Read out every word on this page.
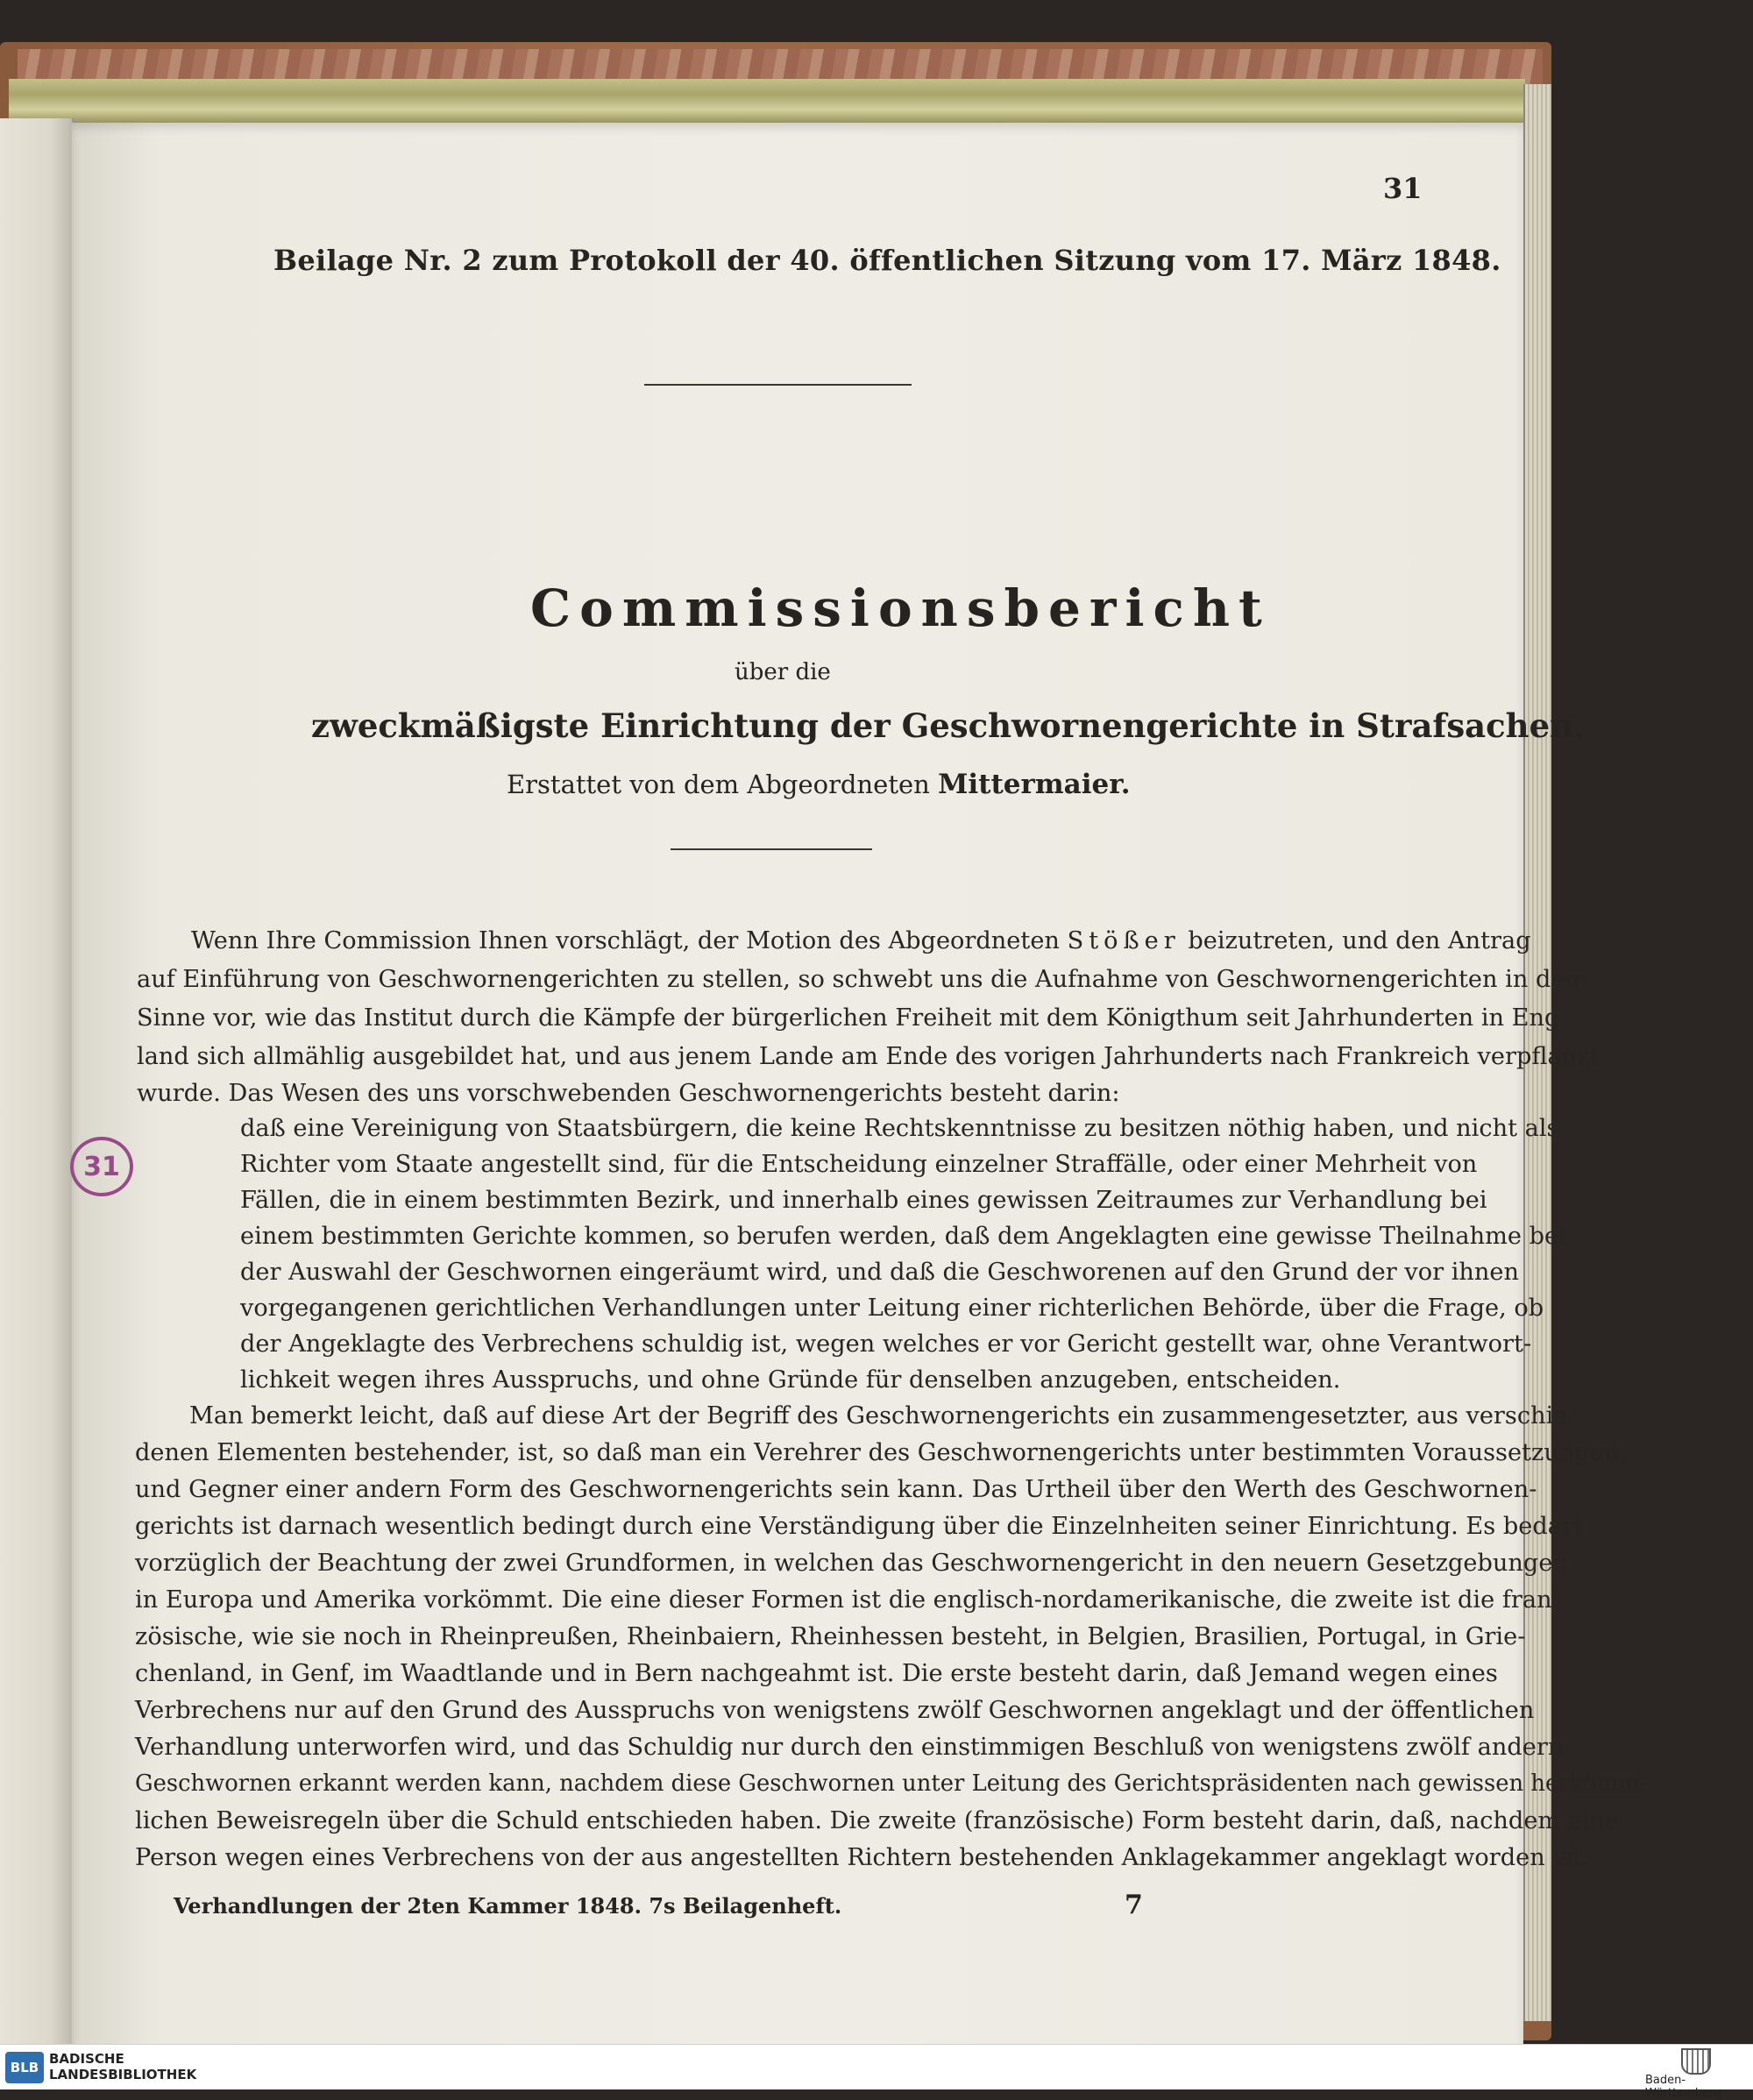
31
Beilage Nr. 2 zum Protokoll der 40. öffentlichen Sitzung vom 17. März 1848.
Commissionsbericht
über die
zweckmäßigste Einrichtung der Geschwornengerichte in Strafsachen.
Erstattet von dem Abgeordneten Mittermaier.
31
Wenn Ihre Commission Ihnen vorschlägt, der Motion des Abgeordneten Stößer beizutreten, und den Antrag
auf Einführung von Geschwornengerichten zu stellen, so schwebt uns die Aufnahme von Geschwornengerichten in dem
Sinne vor, wie das Institut durch die Kämpfe der bürgerlichen Freiheit mit dem Königthum seit Jahrhunderten in Eng-
land sich allmählig ausgebildet hat, und aus jenem Lande am Ende des vorigen Jahrhunderts nach Frankreich verpflanzt
wurde. Das Wesen des uns vorschwebenden Geschwornengerichts besteht darin:
daß eine Vereinigung von Staatsbürgern, die keine Rechtskenntnisse zu besitzen nöthig haben, und nicht als
Richter vom Staate angestellt sind, für die Entscheidung einzelner Straffälle, oder einer Mehrheit von
Fällen, die in einem bestimmten Bezirk, und innerhalb eines gewissen Zeitraumes zur Verhandlung bei
einem bestimmten Gerichte kommen, so berufen werden, daß dem Angeklagten eine gewisse Theilnahme bei
der Auswahl der Geschwornen eingeräumt wird, und daß die Geschworenen auf den Grund der vor ihnen
vorgegangenen gerichtlichen Verhandlungen unter Leitung einer richterlichen Behörde, über die Frage, ob
der Angeklagte des Verbrechens schuldig ist, wegen welches er vor Gericht gestellt war, ohne Verantwort-
lichkeit wegen ihres Ausspruchs, und ohne Gründe für denselben anzugeben, entscheiden.
Man bemerkt leicht, daß auf diese Art der Begriff des Geschwornengerichts ein zusammengesetzter, aus verschie-
denen Elementen bestehender, ist, so daß man ein Verehrer des Geschwornengerichts unter bestimmten Voraussetzungen,
und Gegner einer andern Form des Geschwornengerichts sein kann. Das Urtheil über den Werth des Geschwornen-
gerichts ist darnach wesentlich bedingt durch eine Verständigung über die Einzelnheiten seiner Einrichtung. Es bedarf
vorzüglich der Beachtung der zwei Grundformen, in welchen das Geschwornengericht in den neuern Gesetzgebungen
in Europa und Amerika vorkömmt. Die eine dieser Formen ist die englisch-nordamerikanische, die zweite ist die fran-
zösische, wie sie noch in Rheinpreußen, Rheinbaiern, Rheinhessen besteht, in Belgien, Brasilien, Portugal, in Grie-
chenland, in Genf, im Waadtlande und in Bern nachgeahmt ist. Die erste besteht darin, daß Jemand wegen eines
Verbrechens nur auf den Grund des Ausspruchs von wenigstens zwölf Geschwornen angeklagt und der öffentlichen
Verhandlung unterworfen wird, und das Schuldig nur durch den einstimmigen Beschluß von wenigstens zwölf andern
Geschwornen erkannt werden kann, nachdem diese Geschwornen unter Leitung des Gerichtspräsidenten nach gewissen herkömm-
lichen Beweisregeln über die Schuld entschieden haben. Die zweite (französische) Form besteht darin, daß, nachdem eine
Person wegen eines Verbrechens von der aus angestellten Richtern bestehenden Anklagekammer angeklagt worden ist,
Verhandlungen der 2ten Kammer 1848. 7s Beilagenheft.	7
BLB
BADISCHE
LANDESBIBLIOTHEK	Baden-Württemberg
